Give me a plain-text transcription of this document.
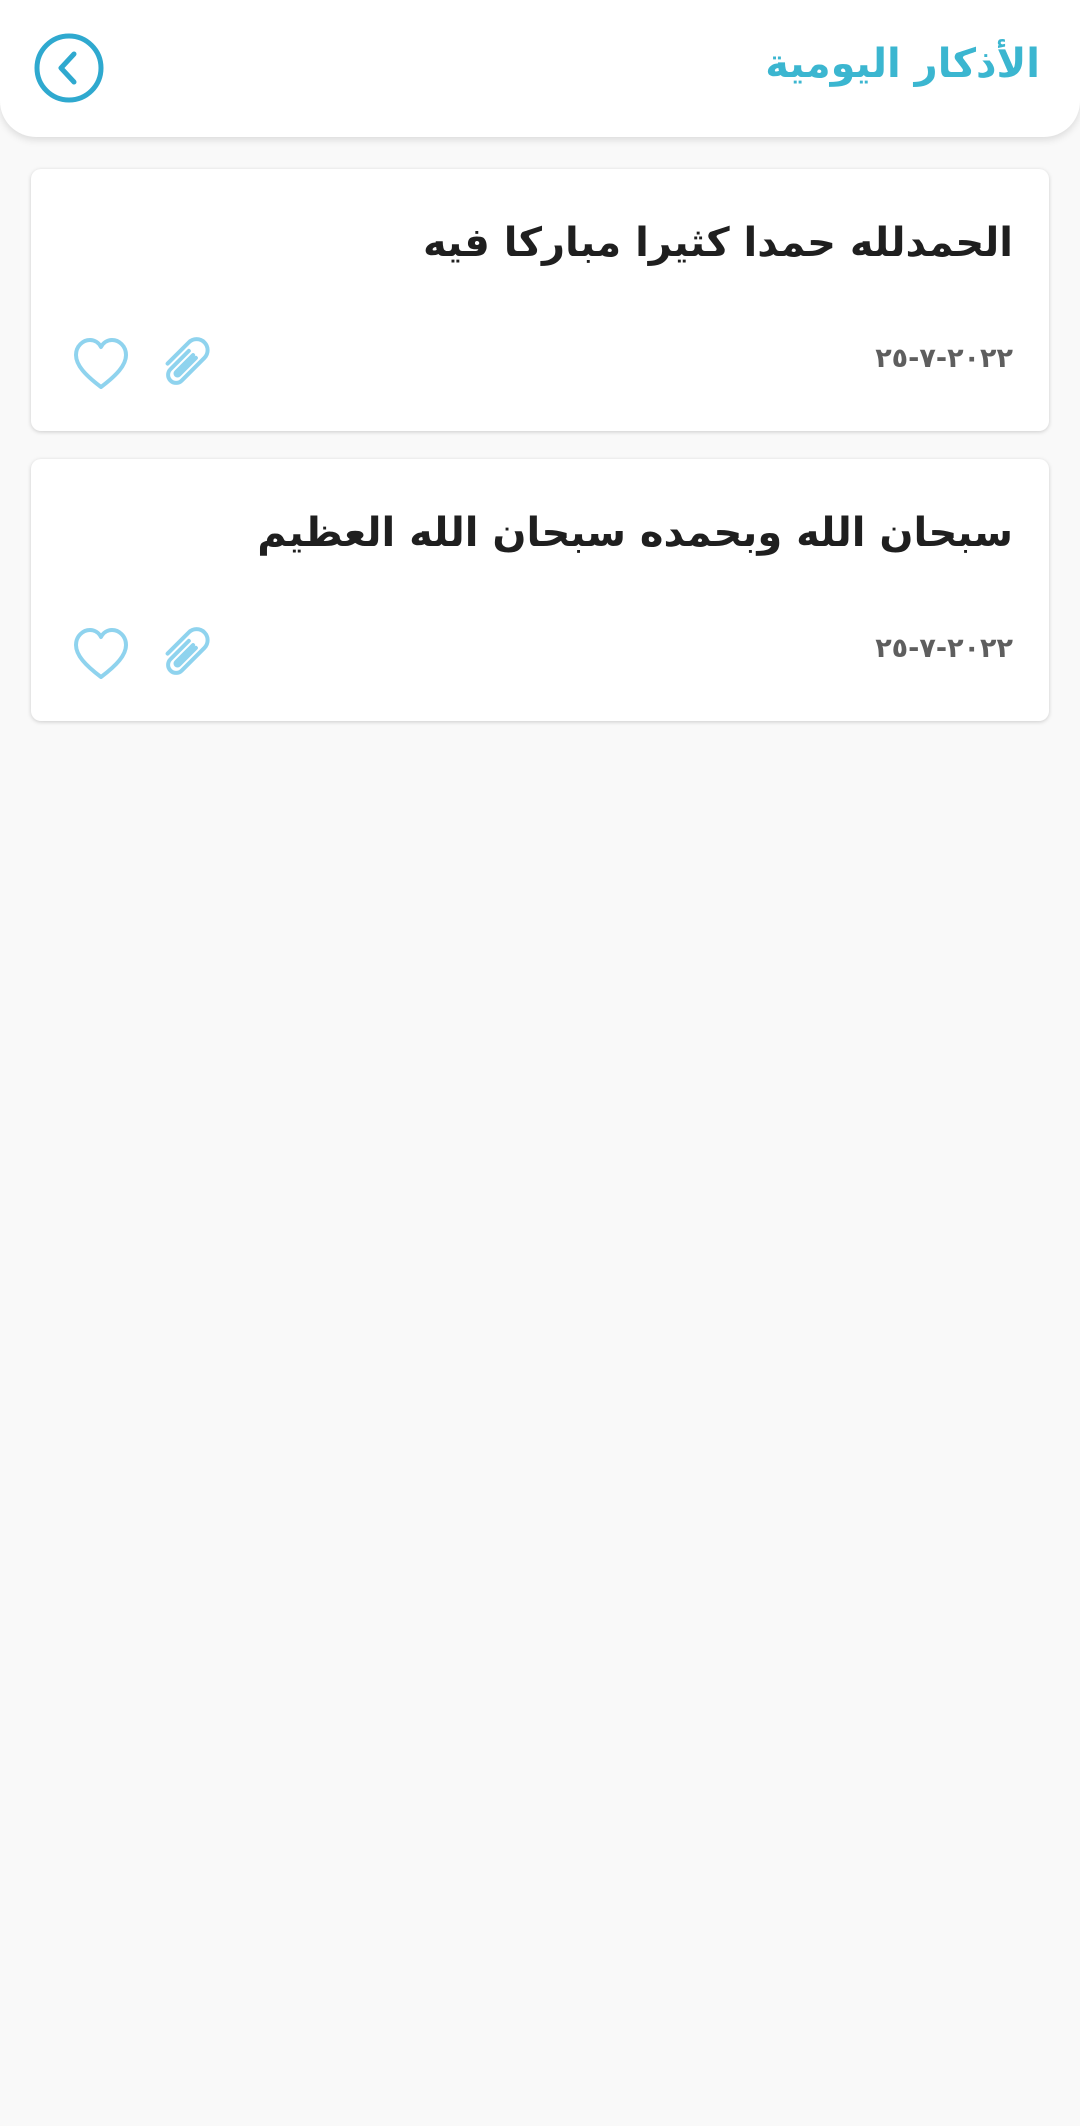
الأذكار اليومية

الحمدلله حمدا كثيرا مباركا فيه

٢٠٢٢-٧-٢٥

سبحان الله وبحمده سبحان الله العظيم

٢٠٢٢-٧-٢٥
